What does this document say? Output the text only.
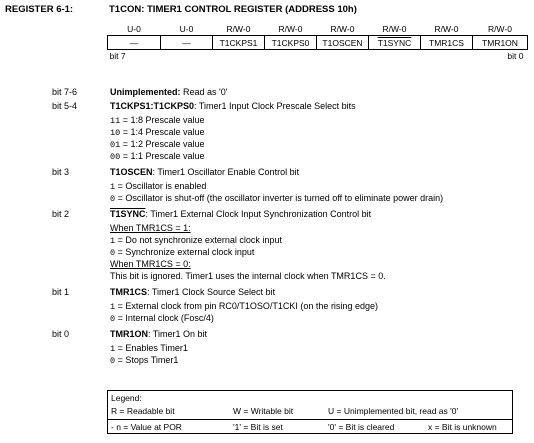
REGISTER 6-1:	T1CON: TIMER1 CONTROL REGISTER (ADDRESS 10h)
U-0	U-0	R/W-0	R/W-0	R/W-0	R/W-0	R/W-0	R/W-0
—	—	T1CKPS1	T1CKPS0	T1OSCEN	T1SYNC	TMR1CS	TMR1ON
bit 7							bit 0
bit 7-6	Unimplemented: Read as '0'
bit 5-4	T1CKPS1:T1CKPS0: Timer1 Input Clock Prescale Select bits
11 = 1:8 Prescale value
10 = 1:4 Prescale value
01 = 1:2 Prescale value
00 = 1:1 Prescale value
bit 3	T1OSCEN: Timer1 Oscillator Enable Control bit
1 = Oscillator is enabled
0 = Oscillator is shut-off (the oscillator inverter is turned off to eliminate power drain)
bit 2	T1SYNC: Timer1 External Clock Input Synchronization Control bit
When TMR1CS = 1:
1 = Do not synchronize external clock input
0 = Synchronize external clock input
When TMR1CS = 0:
This bit is ignored. Timer1 uses the internal clock when TMR1CS = 0.
bit 1	TMR1CS: Timer1 Clock Source Select bit
1 = External clock from pin RC0/T1OSO/T1CKI (on the rising edge)
0 = Internal clock (Fosc/4)
bit 0	TMR1ON: Timer1 On bit
1 = Enables Timer1
0 = Stops Timer1
Legend:
R = Readable bit	W = Writable bit	U = Unimplemented bit, read as '0'
- n = Value at POR	'1' = Bit is set	'0' = Bit is cleared	x = Bit is unknown
